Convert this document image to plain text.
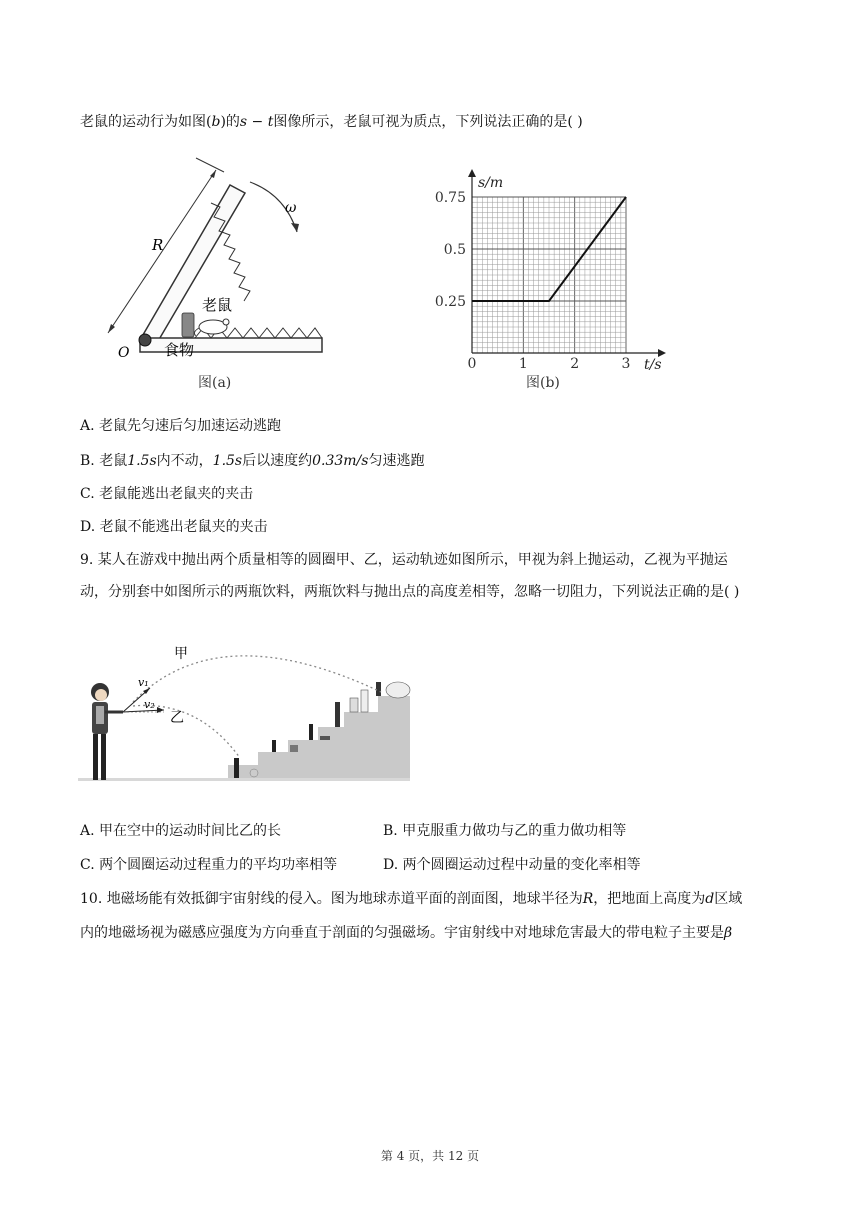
老鼠的运动行为如图(b)的s − t图像所示，老鼠可视为质点，下列说法正确的是( )
R
ω
O
老鼠
食物
图(a)
0	1	2	3
0.25
0.5
0.75
s/m
t/s
图(b)
A. 老鼠先匀速后匀加速运动逃跑
B. 老鼠1.5s内不动，1.5s后以速度约0.33m/s匀速逃跑
C. 老鼠能逃出老鼠夹的夹击
D. 老鼠不能逃出老鼠夹的夹击
9. 某人在游戏中抛出两个质量相等的圆圈甲、乙，运动轨迹如图所示，甲视为斜上抛运动，乙视为平抛运
动，分别套中如图所示的两瓶饮料，两瓶饮料与抛出点的高度差相等，忽略一切阻力，下列说法正确的是( )
v₁
v₂
甲
乙
A. 甲在空中的运动时间比乙的长	B. 甲克服重力做功与乙的重力做功相等
C. 两个圆圈运动过程重力的平均功率相等	D. 两个圆圈运动过程中动量的变化率相等
10. 地磁场能有效抵御宇宙射线的侵入。图为地球赤道平面的剖面图，地球半径为R，把地面上高度为d区域
内的地磁场视为磁感应强度为方向垂直于剖面的匀强磁场。宇宙射线中对地球危害最大的带电粒子主要是β
第 4 页，共 12 页
